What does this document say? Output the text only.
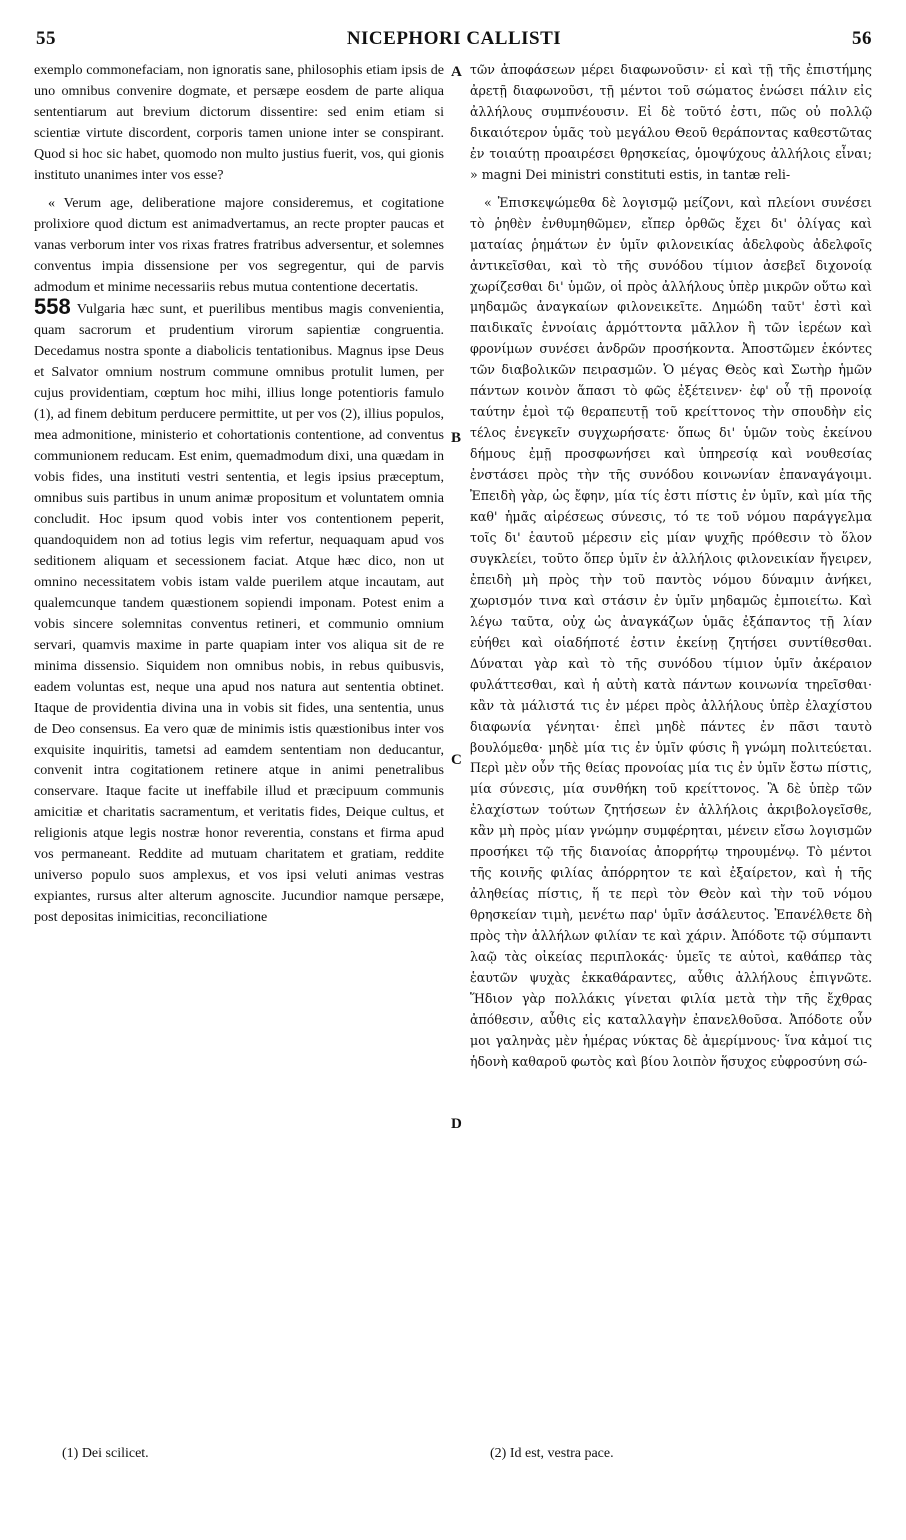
55	NICEPHORI CALLISTI	56

exemplo commonefaciam, non ignoratis sane, philosophis etiam ipsis de uno omnibus convenire dogmate, et persæpe eosdem de parte aliqua sententiarum aut brevium dictorum dissentire: sed enim etiam si scientiæ virtute discordent, corporis tamen unione inter se conspirant. Quod si hoc sic habet, quomodo non multo justius fuerit, vos, qui gionis instituto unanimes inter vos esse?

« Verum age, deliberatione majore consideremus, et cogitatione prolixiore quod dictum est animadvertamus, an recte propter paucas et vanas verborum inter vos rixas fratres fratribus adversentur, et solemnes conventus impia dissensione per vos segregentur, qui de parvis admodum et minime necessariis rebus mutua contentione decertatis.

558 Vulgaria hæc sunt, et puerilibus mentibus magis convenientia, quam sacrorum et prudentium virorum sapientiæ congruentia. Decedamus nostra sponte a diabolicis tentationibus. Magnus ipse Deus et Salvator omnium nostrum commune omnibus protulit lumen, per cujus providentiam, cœptum hoc mihi, illius longe potentioris famulo (1), ad finem debitum perducere permittite, ut per vos (2), illius populos, mea admonitione, ministerio et cohortationis contentione, ad conventus communionem reducam. Est enim, quemadmodum dixi, una quædam in vobis fides, una instituti vestri sententia, et legis ipsius præceptum, omnibus suis partibus in unum animæ propositum et voluntatem omnia concludit. Hoc ipsum quod vobis inter vos contentionem peperit, quandoquidem non ad totius legis vim refertur, nequaquam apud vos seditionem aliquam et secessionem faciat. Atque hæc dico, non ut omnino necessitatem vobis istam valde puerilem atque incautam, aut qualemcunque tandem quæstionem sopiendi imponam. Potest enim a vobis sincere solemnitas conventus retineri, et communio omnium servari, quamvis maxime in parte quapiam inter vos aliqua sit de re minima dissensio. Siquidem non omnibus nobis, in rebus quibusvis, eadem voluntas est, neque una apud nos natura aut sententia obtinet. Itaque de providentia divina una in vobis sit fides, una sententia, unus de Deo consensus. Ea vero quæ de minimis istis quæstionibus inter vos exquisite inquiritis, tametsi ad eamdem sententiam non deducantur, convenit intra cogitationem retinere atque in animi penetralibus conservare. Itaque facite ut ineffabile illud et præcipuum communis amicitiæ et charitatis sacramentum, et veritatis fides, Deique cultus, et religionis atque legis nostræ honor reverentia, constans et firma apud vos permaneant. Reddite ad mutuam charitatem et gratiam, reddite universo populo suos amplexus, et vos ipsi veluti animas vestras expiantes, rursus alter alterum agnoscite. Jucundior namque persæpe, post depositas inimicitias, reconciliatione

A
B
C
D

τῶν ἀποφάσεων μέρει διαφωνοῦσιν· εἰ καὶ τῇ τῆς ἐπιστήμης ἀρετῇ διαφωνοῦσι, τῇ μέντοι τοῦ σώματος ἑνώσει πάλιν εἰς ἀλλήλους συμπνέουσιν. Εἰ δὲ τοῦτό ἐστι, πῶς οὐ πολλῷ δικαιότερον ὑμᾶς τοὺ μεγάλου Θεοῦ θεράποντας καθεστῶτας ἐν τοιαύτῃ προαιρέσει θρησκείας, ὁμοψύχους ἀλλήλοις εἶναι; » magni Dei ministri constituti estis, in tantæ reli-

« Ἐπισκεψώμεθα δὲ λογισμῷ μείζονι, καὶ πλείονι συνέσει τὸ ῥηθὲν ἐνθυμηθῶμεν, εἴπερ ὀρθῶς ἔχει δι' ὀλίγας καὶ ματαίας ῥημάτων ἐν ὑμῖν φιλονεικίας ἀδελφοὺς ἀδελφοῖς ἀντικεῖσθαι, καὶ τὸ τῆς συνόδου τίμιον ἀσεβεῖ διχονοίᾳ χωρίζεσθαι δι' ὑμῶν, οἱ πρὸς ἀλλήλους ὑπὲρ μικρῶν οὕτω καὶ μηδαμῶς ἀναγκαίων φιλονεικεῖτε. Δημώδη ταῦτ' ἐστὶ καὶ παιδικαῖς ἐννοίαις ἁρμόττοντα μᾶλλον ἢ τῶν ἱερέων καὶ φρονίμων συνέσει ἀνδρῶν προσήκοντα. Ἀποστῶμεν ἑκόντες τῶν διαβολικῶν πειρασμῶν. Ὁ μέγας Θεὸς καὶ Σωτὴρ ἡμῶν πάντων κοινὸν ἅπασι τὸ φῶς ἐξέτεινεν· ἐφ' οὗ τῇ προνοίᾳ ταύτην ἐμοὶ τῷ θεραπευτῇ τοῦ κρείττονος τὴν σπουδὴν εἰς τέλος ἐνεγκεῖν συγχωρήσατε· ὅπως δι' ὑμῶν τοὺς ἐκείνου δήμους ἐμῇ προσφωνήσει καὶ ὑπηρεσίᾳ καὶ νουθεσίας ἐνστάσει πρὸς τὴν τῆς συνόδου κοινωνίαν ἐπαναγάγοιμι. Ἐπειδὴ γὰρ, ὡς ἔφην, μία τίς ἐστι πίστις ἐν ὑμῖν, καὶ μία τῆς καθ' ἡμᾶς αἱρέσεως σύνεσις, τό τε τοῦ νόμου παράγγελμα τοῖς δι' ἑαυτοῦ μέρεσιν εἰς μίαν ψυχῆς πρόθεσιν τὸ ὅλον συγκλείει, τοῦτο ὅπερ ὑμῖν ἐν ἀλλήλοις φιλονεικίαν ἤγειρεν, ἐπειδὴ μὴ πρὸς τὴν τοῦ παντὸς νόμου δύναμιν ἀνήκει, χωρισμόν τινα καὶ στάσιν ἐν ὑμῖν μηδαμῶς ἐμποιείτω. Καὶ λέγω ταῦτα, οὐχ ὡς ἀναγκάζων ὑμᾶς ἐξάπαντος τῇ λίαν εὐήθει καὶ οἱαδήποτέ ἐστιν ἐκείνῃ ζητήσει συντίθεσθαι. Δύναται γὰρ καὶ τὸ τῆς συνόδου τίμιον ὑμῖν ἀκέραιον φυλάττεσθαι, καὶ ἡ αὐτὴ κατὰ πάντων κοινωνία τηρεῖσθαι· κἂν τὰ μάλιστά τις ἐν μέρει πρὸς ἀλλήλους ὑπὲρ ἐλαχίστου διαφωνία γένηται· ἐπεὶ μηδὲ πάντες ἐν πᾶσι ταυτὸ βουλόμεθα· μηδὲ μία τις ἐν ὑμῖν φύσις ἢ γνώμη πολιτεύεται. Περὶ μὲν οὖν τῆς θείας προνοίας μία τις ἐν ὑμῖν ἔστω πίστις, μία σύνεσις, μία συνθήκη τοῦ κρείττονος. Ἃ δὲ ὑπὲρ τῶν ἐλαχίστων τούτων ζητήσεων ἐν ἀλλήλοις ἀκριβολογεῖσθε, κἂν μὴ πρὸς μίαν γνώμην συμφέρηται, μένειν εἴσω λογισμῶν προσήκει τῷ τῆς διανοίας ἀπορρήτῳ τηρουμένῳ. Τὸ μέντοι τῆς κοινῆς φιλίας ἀπόρρητον τε καὶ ἐξαίρετον, καὶ ἡ τῆς ἀληθείας πίστις, ἥ τε περὶ τὸν Θεὸν καὶ τὴν τοῦ νόμου θρησκείαν τιμὴ, μενέτω παρ' ὑμῖν ἀσάλευτος. Ἐπανέλθετε δὴ πρὸς τὴν ἀλλήλων φιλίαν τε καὶ χάριν. Ἀπόδοτε τῷ σύμπαντι λαῷ τὰς οἰκείας περιπλοκάς· ὑμεῖς τε αὐτοὶ, καθάπερ τὰς ἑαυτῶν ψυχὰς ἐκκαθάραντες, αὖθις ἀλλήλους ἐπιγνῶτε. Ἥδιον γὰρ πολλάκις γίνεται φιλία μετὰ τὴν τῆς ἔχθρας ἀπόθεσιν, αὖθις εἰς καταλλαγὴν ἐπανελθοῦσα. Ἀπόδοτε οὖν μοι γαληνὰς μὲν ἡμέρας νύκτας δὲ ἀμερίμνους· ἵνα κἀμοί τις ἡδονὴ καθαροῦ φωτὸς καὶ βίου λοιπὸν ἥσυχος εὐφροσύνη σώ-

(1) Dei scilicet.	(2) Id est, vestra pace.
